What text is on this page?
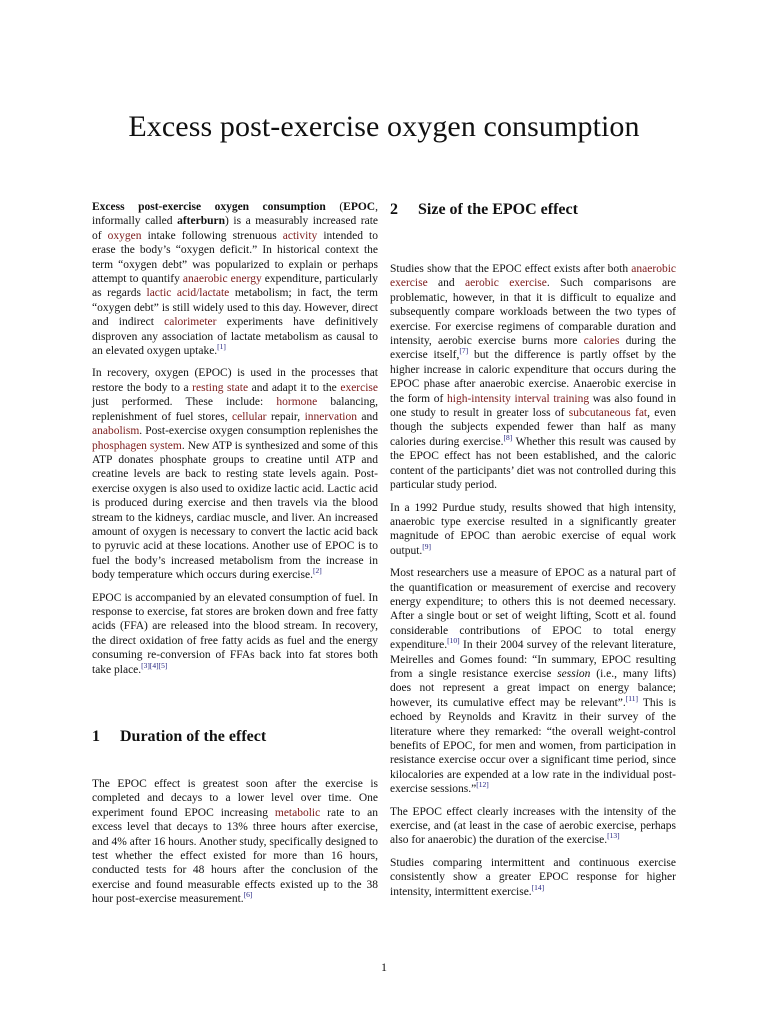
Excess post-exercise oxygen consumption

Excess post-exercise oxygen consumption (EPOC, informally called afterburn) is a measurably increased rate of oxygen intake following strenuous activity intended to erase the body’s “oxygen deficit.” In historical context the term “oxygen debt” was popularized to explain or perhaps attempt to quantify anaerobic energy expenditure, particularly as regards lactic acid/lactate metabolism; in fact, the term “oxygen debt” is still widely used to this day. However, direct and indirect calorimeter experiments have definitively disproven any association of lactate metabolism as causal to an elevated oxygen uptake.[1]

In recovery, oxygen (EPOC) is used in the processes that restore the body to a resting state and adapt it to the exercise just performed. These include: hormone balancing, replenishment of fuel stores, cellular repair, innervation and anabolism. Post-exercise oxygen consumption replenishes the phosphagen system. New ATP is synthesized and some of this ATP donates phosphate groups to creatine until ATP and creatine levels are back to resting state levels again. Post-exercise oxygen is also used to oxidize lactic acid. Lactic acid is produced during exercise and then travels via the blood stream to the kidneys, cardiac muscle, and liver. An increased amount of oxygen is necessary to convert the lactic acid back to pyruvic acid at these locations. Another use of EPOC is to fuel the body’s increased metabolism from the increase in body temperature which occurs during exercise.[2]

EPOC is accompanied by an elevated consumption of fuel. In response to exercise, fat stores are broken down and free fatty acids (FFA) are released into the blood stream. In recovery, the direct oxidation of free fatty acids as fuel and the energy consuming re-conversion of FFAs back into fat stores both take place.[3][4][5]

1 Duration of the effect

The EPOC effect is greatest soon after the exercise is completed and decays to a lower level over time. One experiment found EPOC increasing metabolic rate to an excess level that decays to 13% three hours after exercise, and 4% after 16 hours. Another study, specifically designed to test whether the effect existed for more than 16 hours, conducted tests for 48 hours after the conclusion of the exercise and found measurable effects existed up to the 38 hour post-exercise measurement.[6]

2 Size of the EPOC effect

Studies show that the EPOC effect exists after both anaerobic exercise and aerobic exercise. Such comparisons are problematic, however, in that it is difficult to equalize and subsequently compare workloads between the two types of exercise. For exercise regimens of comparable duration and intensity, aerobic exercise burns more calories during the exercise itself,[7] but the difference is partly offset by the higher increase in caloric expenditure that occurs during the EPOC phase after anaerobic exercise. Anaerobic exercise in the form of high-intensity interval training was also found in one study to result in greater loss of subcutaneous fat, even though the subjects expended fewer than half as many calories during exercise.[8] Whether this result was caused by the EPOC effect has not been established, and the caloric content of the participants’ diet was not controlled during this particular study period.

In a 1992 Purdue study, results showed that high intensity, anaerobic type exercise resulted in a significantly greater magnitude of EPOC than aerobic exercise of equal work output.[9]

Most researchers use a measure of EPOC as a natural part of the quantification or measurement of exercise and recovery energy expenditure; to others this is not deemed necessary. After a single bout or set of weight lifting, Scott et al. found considerable contributions of EPOC to total energy expenditure.[10] In their 2004 survey of the relevant literature, Meirelles and Gomes found: “In summary, EPOC resulting from a single resistance exercise session (i.e., many lifts) does not represent a great impact on energy balance; however, its cumulative effect may be relevant”.[11] This is echoed by Reynolds and Kravitz in their survey of the literature where they remarked: “the overall weight-control benefits of EPOC, for men and women, from participation in resistance exercise occur over a significant time period, since kilocalories are expended at a low rate in the individual post-exercise sessions.”[12]

The EPOC effect clearly increases with the intensity of the exercise, and (at least in the case of aerobic exercise, perhaps also for anaerobic) the duration of the exercise.[13]

Studies comparing intermittent and continuous exercise consistently show a greater EPOC response for higher intensity, intermittent exercise.[14]

1
